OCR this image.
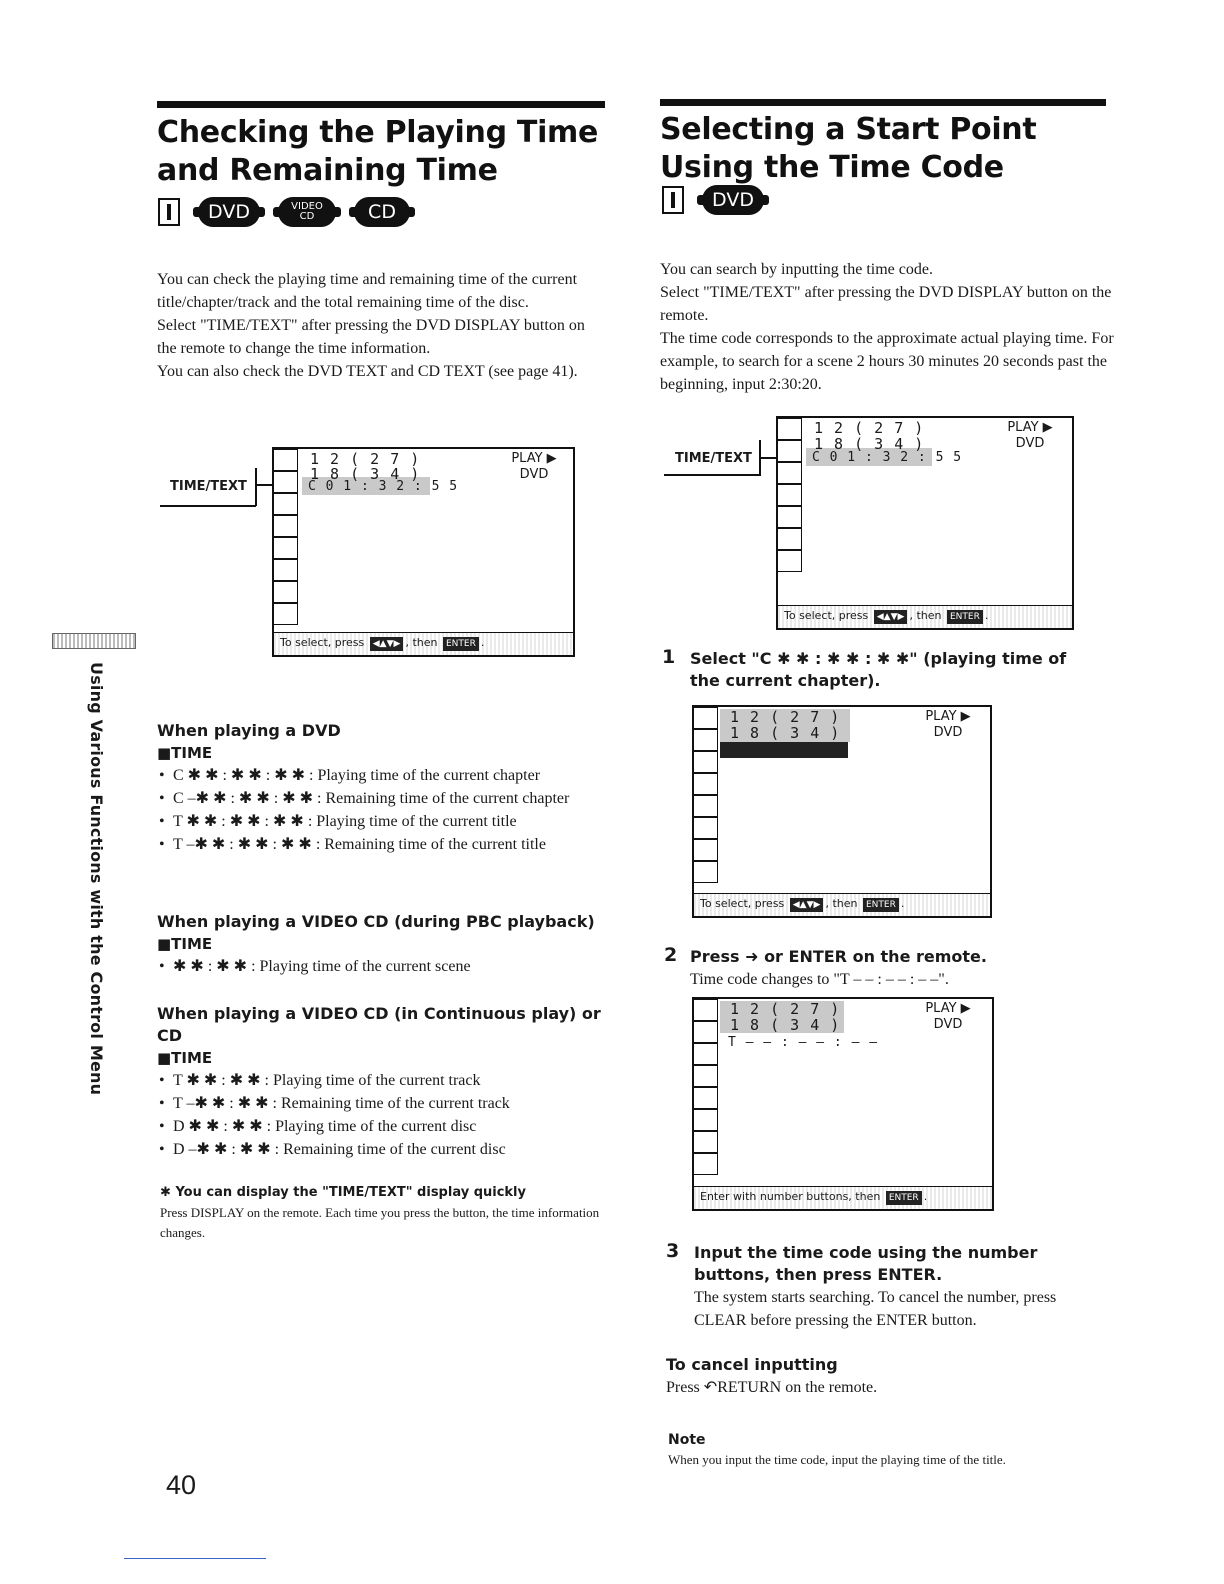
Checking the Playing Time
and Remaining Time
DVD	VIDEO
CD	CD

You can check the playing time and remaining time of the current title/chapter/track and the total remaining time of the disc.

Select "TIME/TEXT" after pressing the DVD DISPLAY button on the remote to change the time information.

You can also check the DVD TEXT and CD TEXT (see page 41).

TIME/TEXT
1 2 ( 2 7 )
1 8 ( 3 4 )
C 0 1 : 3 2 : 5 5
PLAY ▶
DVD
To select, press ◀▲▼▶ , then ENTER .
When playing a DVD
■TIME
• C ✱ ✱ : ✱ ✱ : ✱ ✱ : Playing time of the current chapter
• C –✱ ✱ : ✱ ✱ : ✱ ✱ : Remaining time of the current chapter
• T ✱ ✱ : ✱ ✱ : ✱ ✱ : Playing time of the current title
• T –✱ ✱ : ✱ ✱ : ✱ ✱ : Remaining time of the current title
When playing a VIDEO CD (during PBC playback)
■TIME
• ✱ ✱ : ✱ ✱ : Playing time of the current scene
When playing a VIDEO CD (in Continuous play) or CD
■TIME
• T ✱ ✱ : ✱ ✱ : Playing time of the current track
• T –✱ ✱ : ✱ ✱ : Remaining time of the current track
• D ✱ ✱ : ✱ ✱ : Playing time of the current disc
• D –✱ ✱ : ✱ ✱ : Remaining time of the current disc
✱ You can display the "TIME/TEXT" display quickly
Press DISPLAY on the remote. Each time you press the button, the time information changes.
Using Various Functions with the Control Menu
40
Selecting a Start Point
Using the Time Code
DVD

You can search by inputting the time code.

Select "TIME/TEXT" after pressing the DVD DISPLAY button on the remote.

The time code corresponds to the approximate actual playing time. For example, to search for a scene 2 hours 30 minutes 20 seconds past the beginning, input 2:30:20.

TIME/TEXT
1 2 ( 2 7 )
1 8 ( 3 4 )
C 0 1 : 3 2 : 5 5
PLAY ▶
DVD
To select, press ◀▲▼▶ , then ENTER .
1 Select "C ✱ ✱ : ✱ ✱ : ✱ ✱" (playing time of the current chapter).
1 2 ( 2 7 )
1 8 ( 3 4 )
PLAY ▶
DVD
To select, press ◀▲▼▶ , then ENTER .
2 Press ➜ or ENTER on the remote.
Time code changes to "T – – : – – : – –".
1 2 ( 2 7 )
1 8 ( 3 4 )
T – – : – – : – –
PLAY ▶
DVD
Enter with number buttons, then ENTER .
3 Input the time code using the number buttons, then press ENTER.
The system starts searching. To cancel the number, press CLEAR before pressing the ENTER button.
To cancel inputting
Press ↶RETURN on the remote.
Note
When you input the time code, input the playing time of the title.
